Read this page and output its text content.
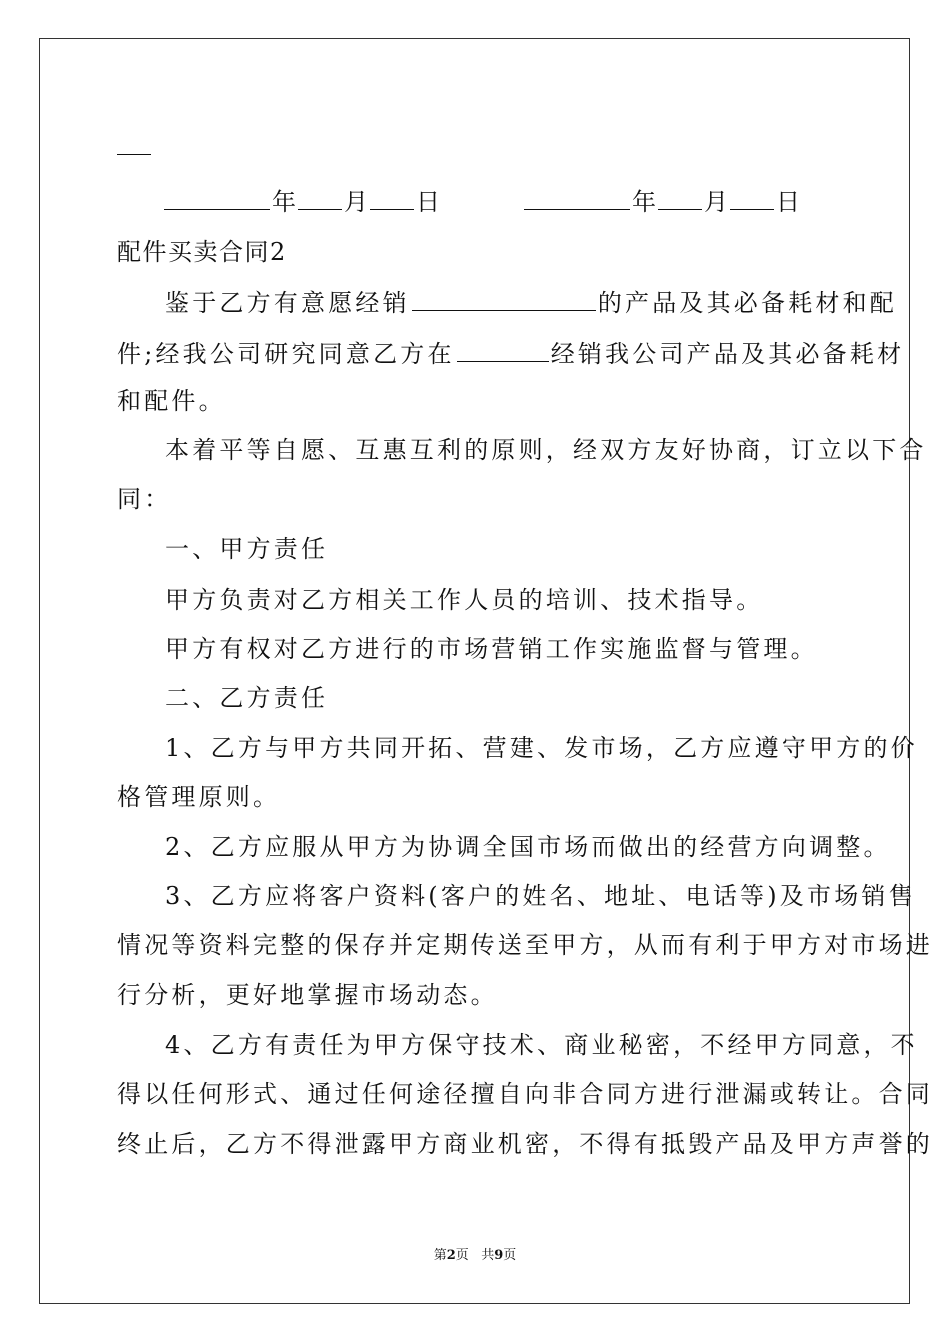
年 月 日	年 月 日
配件买卖合同2
鉴于乙方有意愿经销	的产品及其必备耗材和配
件;经我公司研究同意乙方在	经销我公司产品及其必备耗材
和配件。
本着平等自愿、互惠互利的原则，经双方友好协商，订立以下合
同：
一、甲方责任
甲方负责对乙方相关工作人员的培训、技术指导。
甲方有权对乙方进行的市场营销工作实施监督与管理。
二、乙方责任
1、乙方与甲方共同开拓、营建、发市场，乙方应遵守甲方的价
格管理原则。
2、乙方应服从甲方为协调全国市场而做出的经营方向调整。
3、乙方应将客户资料(客户的姓名、地址、电话等)及市场销售
情况等资料完整的保存并定期传送至甲方，从而有利于甲方对市场进
行分析，更好地掌握市场动态。
4、乙方有责任为甲方保守技术、商业秘密，不经甲方同意，不
得以任何形式、通过任何途径擅自向非合同方进行泄漏或转让。合同
终止后，乙方不得泄露甲方商业机密，不得有抵毁产品及甲方声誉的
第2页 共9页
